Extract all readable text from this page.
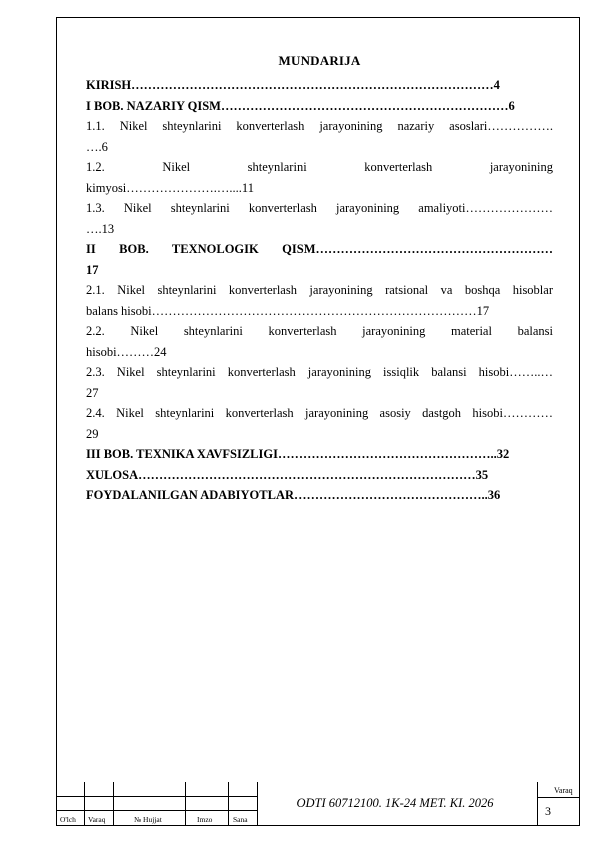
MUNDARIJA
KIRISH……………………………………………………………………………4
I BOB. NAZARIY QISM……………………………………………………………6
1.1. Nikel shteynlarini konverterlash jarayonining nazariy asoslari…………….
….6
1.2. Nikel shteynlarini konverterlash jarayonining
kimyosi………………….…....11
1.3. Nikel shteynlarini konverterlash jarayonining amaliyoti…………………
….13
II BOB. TEXNOLOGIK QISM…………………………………………………
17
2.1. Nikel shteynlarini konverterlash jarayonining ratsional va boshqa hisoblar
balans hisobi……………………………………………………………………17
2.2. Nikel shteynlarini konverterlash jarayonining material balansi
hisobi………24
2.3. Nikel shteynlarini konverterlash jarayonining issiqlik balansi hisobi……..…
27
2.4. Nikel shteynlarini konverterlash jarayonining asosiy dastgoh hisobi…………
29
III BOB. TEXNIKA XAVFSIZLIGI……………………………………………..32
XULOSA………………………………………………………………………35
FOYDALANILGAN ADABIYOTLAR………………………………………..36
O'lch Varaq	№ Hujjat	Imzo	Sana
ODTI 60712100. 1K-24 MET. KI. 2026
Varaq
3
